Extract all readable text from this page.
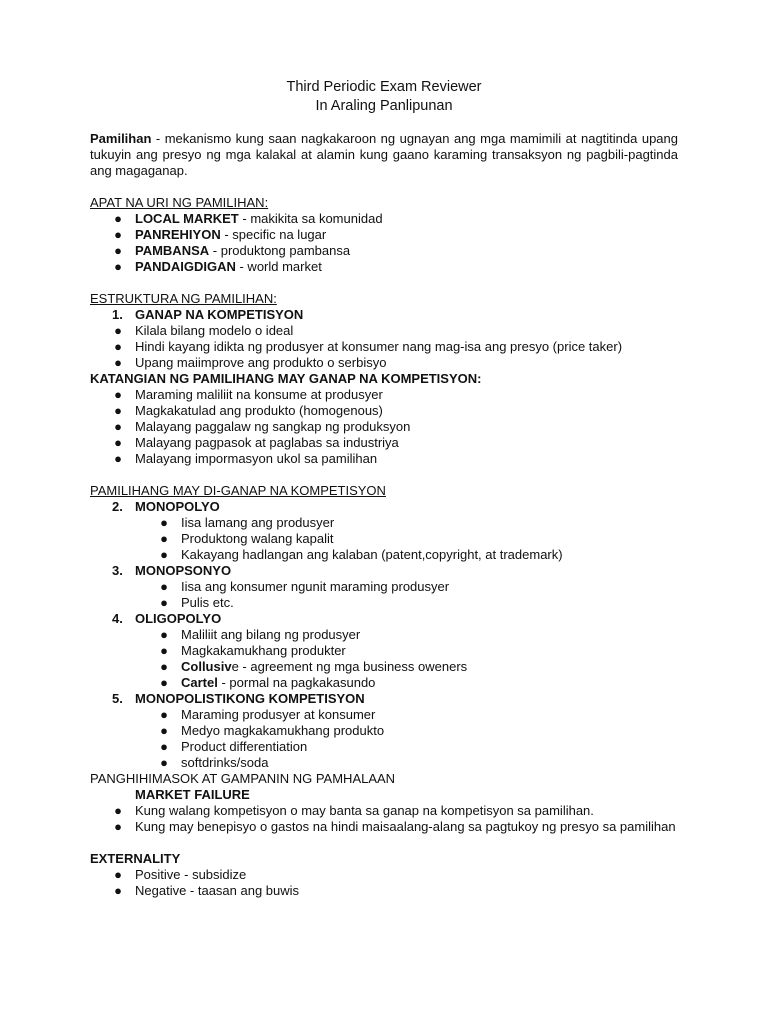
Third Periodic Exam Reviewer
In Araling Panlipunan

Pamilihan - mekanismo kung saan nagkakaroon ng ugnayan ang mga mamimili at nagtitinda upang tukuyin ang presyo ng mga kalakal at alamin kung gaano karaming transaksyon ng pagbili-pagtinda ang magaganap.

APAT NA URI NG PAMILIHAN:
● LOCAL MARKET - makikita sa komunidad
● PANREHIYON - specific na lugar
● PAMBANSA - produktong pambansa
● PANDAIGDIGAN - world market
ESTRUKTURA NG PAMILIHAN:
1. GANAP NA KOMPETISYON
● Kilala bilang modelo o ideal
● Hindi kayang idikta ng produsyer at konsumer nang mag-isa ang presyo (price taker)
● Upang maiimprove ang produkto o serbisyo
KATANGIAN NG PAMILIHANG MAY GANAP NA KOMPETISYON:
● Maraming maliliit na konsume at produsyer
● Magkakatulad ang produkto (homogenous)
● Malayang paggalaw ng sangkap ng produksyon
● Malayang pagpasok at paglabas sa industriya
● Malayang impormasyon ukol sa pamilihan
PAMILIHANG MAY DI-GANAP NA KOMPETISYON
2. MONOPOLYO
● Iisa lamang ang produsyer
● Produktong walang kapalit
● Kakayang hadlangan ang kalaban (patent,copyright, at trademark)
3. MONOPSONYO
● Iisa ang konsumer ngunit maraming produsyer
● Pulis etc.
4. OLIGOPOLYO
● Maliliit ang bilang ng produsyer
● Magkakamukhang produkter
● Collusive - agreement ng mga business oweners
● Cartel - pormal na pagkakasundo
5. MONOPOLISTIKONG KOMPETISYON
● Maraming produsyer at konsumer
● Medyo magkakamukhang produkto
● Product differentiation
● softdrinks/soda
PANGHIHIMASOK AT GAMPANIN NG PAMHALAAN
MARKET FAILURE
● Kung walang kompetisyon o may banta sa ganap na kompetisyon sa pamilihan.
● Kung may benepisyo o gastos na hindi maisaalang-alang sa pagtukoy ng presyo sa pamilihan
EXTERNALITY
● Positive - subsidize
● Negative - taasan ang buwis
